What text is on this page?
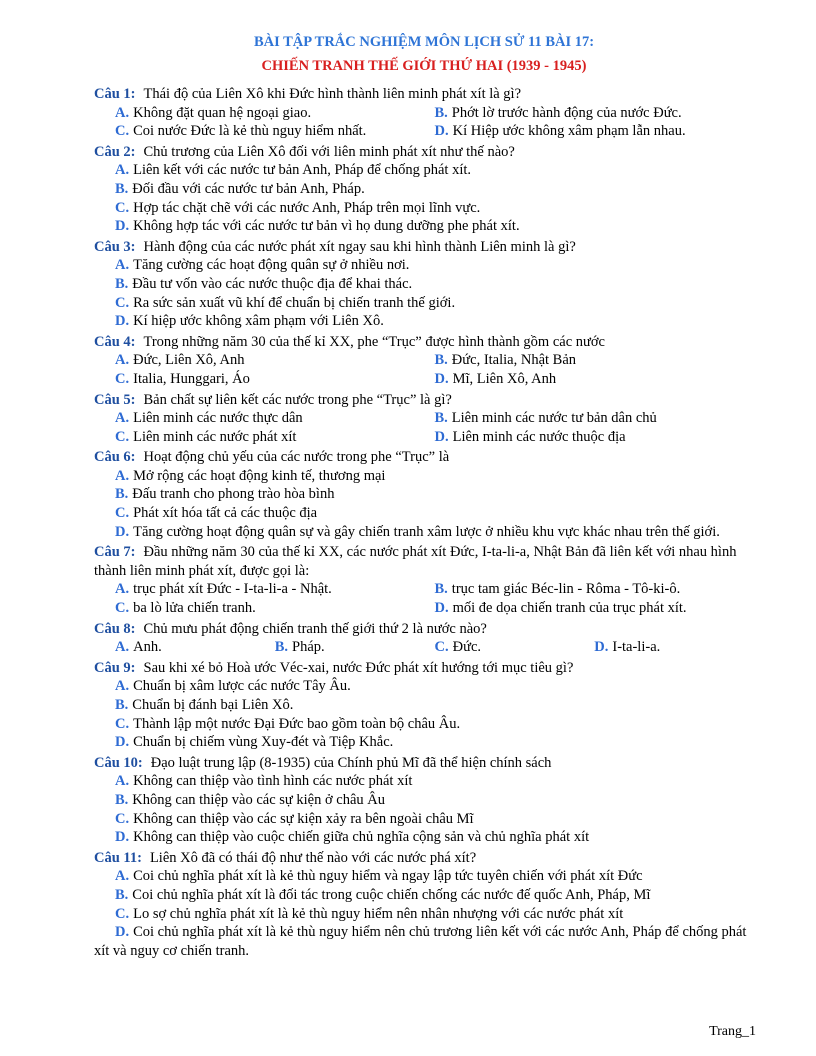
BÀI TẬP TRẮC NGHIỆM MÔN LỊCH SỬ 11 BÀI 17:
CHIẾN TRANH THẾ GIỚI THỨ HAI (1939 - 1945)
Câu 1: Thái độ của Liên Xô khi Đức hình thành liên minh phát xít là gì?
A. Không đặt quan hệ ngoại giao.	B. Phớt lờ trước hành động của nước Đức.
C. Coi nước Đức là kẻ thù nguy hiểm nhất.	D. Kí Hiệp ước không xâm phạm lẫn nhau.
Câu 2: Chủ trương của Liên Xô đối với liên minh phát xít như thế nào?
A. Liên kết với các nước tư bản Anh, Pháp để chống phát xít.
B. Đối đầu với các nước tư bản Anh, Pháp.
C. Hợp tác chặt chẽ với các nước Anh, Pháp trên mọi lĩnh vực.
D. Không hợp tác với các nước tư bản vì họ dung dưỡng phe phát xít.
Câu 3: Hành động của các nước phát xít ngay sau khi hình thành Liên minh là gì?
A. Tăng cường các hoạt động quân sự ở nhiều nơi.
B. Đầu tư vốn vào các nước thuộc địa để khai thác.
C. Ra sức sản xuất vũ khí để chuẩn bị chiến tranh thế giới.
D. Kí hiệp ước không xâm phạm với Liên Xô.
Câu 4: Trong những năm 30 của thế kỉ XX, phe “Trục” được hình thành gồm các nước
A. Đức, Liên Xô, Anh	B. Đức, Italia, Nhật Bản
C. Italia, Hunggari, Áo	D. Mĩ, Liên Xô, Anh
Câu 5: Bản chất sự liên kết các nước trong phe “Trục” là gì?
A. Liên minh các nước thực dân	B. Liên minh các nước tư bản dân chủ
C. Liên minh các nước phát xít	D. Liên minh các nước thuộc địa
Câu 6: Hoạt động chủ yếu của các nước trong phe “Trục” là
A. Mở rộng các hoạt động kinh tế, thương mại
B. Đấu tranh cho phong trào hòa bình
C. Phát xít hóa tất cả các thuộc địa
D. Tăng cường hoạt động quân sự và gây chiến tranh xâm lược ở nhiều khu vực khác nhau trên thế giới.
Câu 7: Đầu những năm 30 của thế kỉ XX, các nước phát xít Đức, I-ta-li-a, Nhật Bản đã liên kết với nhau hình thành liên minh phát xít, được gọi là:
A. trục phát xít Đức - I-ta-li-a - Nhật.	B. trục tam giác Béc-lin - Rôma - Tô-ki-ô.
C. ba lò lửa chiến tranh.	D. mối đe dọa chiến tranh của trục phát xít.
Câu 8: Chủ mưu phát động chiến tranh thế giới thứ 2 là nước nào?
A. Anh.	B. Pháp.	C. Đức.	D. I-ta-li-a.
Câu 9: Sau khi xé bỏ Hoà ước Véc-xai, nước Đức phát xít hướng tới mục tiêu gì?
A. Chuẩn bị xâm lược các nước Tây Âu.
B. Chuẩn bị đánh bại Liên Xô.
C. Thành lập một nước Đại Đức bao gồm toàn bộ châu Âu.
D. Chuẩn bị chiếm vùng Xuy-đét và Tiệp Khắc.
Câu 10: Đạo luật trung lập (8-1935) của Chính phủ Mĩ đã thể hiện chính sách
A. Không can thiệp vào tình hình các nước phát xít
B. Không can thiệp vào các sự kiện ở châu Âu
C. Không can thiệp vào các sự kiện xảy ra bên ngoài châu Mĩ
D. Không can thiệp vào cuộc chiến giữa chủ nghĩa cộng sản và chủ nghĩa phát xít
Câu 11: Liên Xô đã có thái độ như thế nào với các nước phá xít?
A. Coi chủ nghĩa phát xít là kẻ thù nguy hiểm và ngay lập tức tuyên chiến với phát xít Đức
B. Coi chủ nghĩa phát xít là đối tác trong cuộc chiến chống các nước đế quốc Anh, Pháp, Mĩ
C. Lo sợ chủ nghĩa phát xít là kẻ thù nguy hiểm nên nhân nhượng với các nước phát xít
D. Coi chủ nghĩa phát xít là kẻ thù nguy hiểm nên chủ trương liên kết với các nước Anh, Pháp để chống phát xít và nguy cơ chiến tranh.
Trang_1
